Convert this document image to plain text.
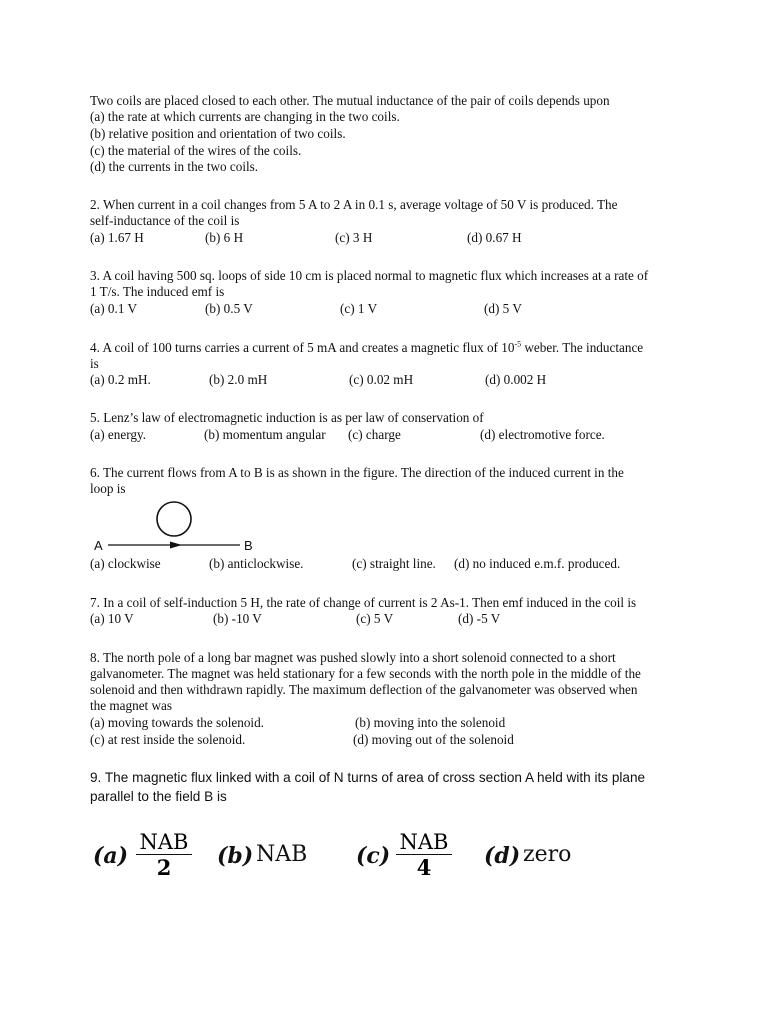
Two coils are placed closed to each other. The mutual inductance of the pair of coils depends upon
(a) the rate at which currents are changing in the two coils.
(b) relative position and orientation of two coils.
(c) the material of the wires of the coils.
(d) the currents in the two coils.
2. When current in a coil changes from 5 A to 2 A in 0.1 s, average voltage of 50 V is produced. The
self-inductance of the coil is
(a) 1.67 H	(b) 6 H	(c) 3 H	(d) 0.67 H
3. A coil having 500 sq. loops of side 10 cm is placed normal to magnetic flux which increases at a rate of
1 T/s. The induced emf is
(a) 0.1 V	(b) 0.5 V	(c) 1 V	(d) 5 V
4. A coil of 100 turns carries a current of 5 mA and creates a magnetic flux of $10^{-5}$ weber. The inductance
is
(a) 0.2 mH.	(b) 2.0 mH	(c) 0.02 mH	(d) 0.002 H
5. Lenz’s law of electromagnetic induction is as per law of conservation of
(a) energy.	(b) momentum angular (c) charge	(d) electromotive force.
6. The current flows from A to B is as shown in the figure. The direction of the induced current in the
loop is
A	B
(a) clockwise	(b) anticlockwise.	(c) straight line. (d) no induced e.m.f. produced.
7. In a coil of self-induction 5 H, the rate of change of current is 2 As-1. Then emf induced in the coil is
(a) 10 V	(b) -10 V	(c) 5 V	(d) -5 V
8. The north pole of a long bar magnet was pushed slowly into a short solenoid connected to a short
galvanometer. The magnet was held stationary for a few seconds with the north pole in the middle of the
solenoid and then withdrawn rapidly. The maximum deflection of the galvanometer was observed when
the magnet was
(a) moving towards the solenoid.	(b) moving into the solenoid
(c) at rest inside the solenoid.	(d) moving out of the solenoid
9. The magnetic flux linked with a coil of N turns of area of cross section A held with its plane
parallel to the field B is
(a)
NAB
2	(b) NAB (c)
NAB
4	(d) zero
